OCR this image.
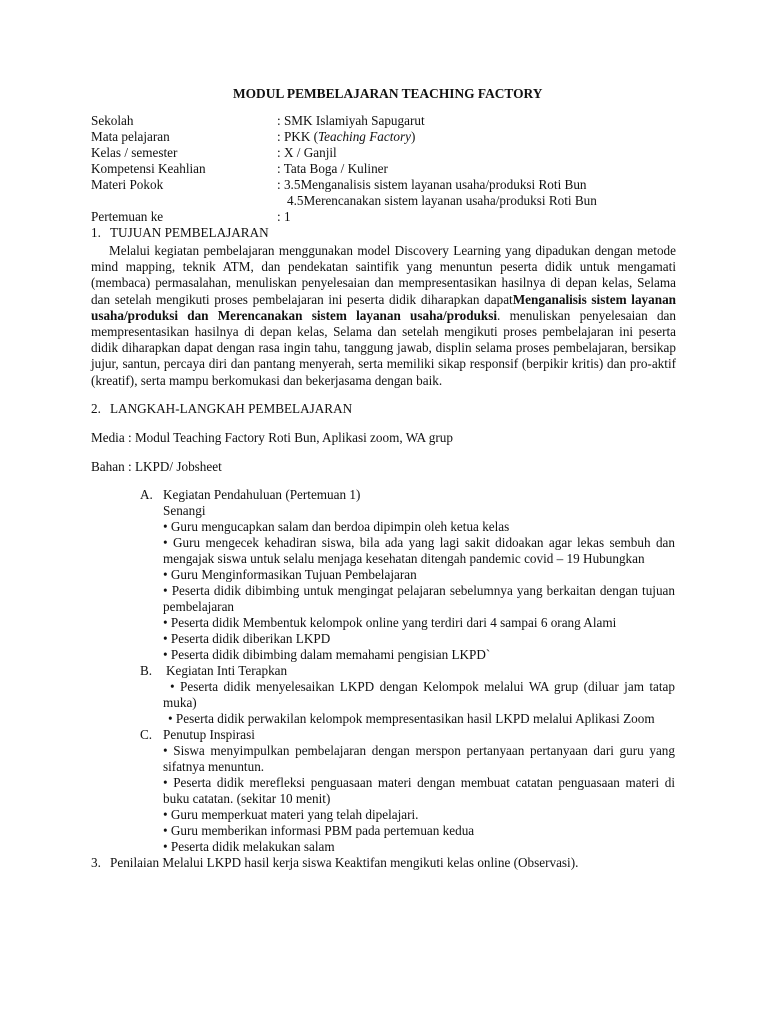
MODUL PEMBELAJARAN TEACHING FACTORY
Sekolah	: SMK Islamiyah Sapugarut
Mata pelajaran	: PKK (Teaching Factory)
Kelas / semester	: X / Ganjil
Kompetensi Keahlian	: Tata Boga / Kuliner
Materi Pokok	: 3.5Menganalisis sistem layanan usaha/produksi Roti Bun
4.5Merencanakan sistem layanan usaha/produksi Roti Bun
Pertemuan ke	: 1
1. TUJUAN PEMBELAJARAN
Melalui kegiatan pembelajaran menggunakan model Discovery Learning yang dipadukan dengan metode mind mapping, teknik ATM, dan pendekatan saintifik yang menuntun peserta didik untuk mengamati (membaca) permasalahan, menuliskan penyelesaian dan mempresentasikan hasilnya di depan kelas, Selama dan setelah mengikuti proses pembelajaran ini peserta didik diharapkan dapatMenganalisis sistem layanan usaha/produksi dan Merencanakan sistem layanan usaha/produksi. menuliskan penyelesaian dan mempresentasikan hasilnya di depan kelas, Selama dan setelah mengikuti proses pembelajaran ini peserta didik diharapkan dapat dengan rasa ingin tahu, tanggung jawab, displin selama proses pembelajaran, bersikap jujur, santun, percaya diri dan pantang menyerah, serta memiliki sikap responsif (berpikir kritis) dan pro-aktif (kreatif), serta mampu berkomukasi dan bekerjasama dengan baik.
2. LANGKAH-LANGKAH PEMBELAJARAN
Media : Modul Teaching Factory Roti Bun, Aplikasi zoom, WA grup
Bahan : LKPD/ Jobsheet
A. Kegiatan Pendahuluan (Pertemuan 1)
Senangi
• Guru mengucapkan salam dan berdoa dipimpin oleh ketua kelas
• Guru mengecek kehadiran siswa, bila ada yang lagi sakit didoakan agar lekas sembuh dan mengajak siswa untuk selalu menjaga kesehatan ditengah pandemic covid – 19 Hubungkan
• Guru Menginformasikan Tujuan Pembelajaran
• Peserta didik dibimbing untuk mengingat pelajaran sebelumnya yang berkaitan dengan tujuan pembelajaran
• Peserta didik Membentuk kelompok online yang terdiri dari 4 sampai 6 orang Alami
• Peserta didik diberikan LKPD
• Peserta didik dibimbing dalam memahami pengisian LKPD`
B. Kegiatan Inti Terapkan
• Peserta didik menyelesaikan LKPD dengan Kelompok melalui WA grup (diluar jam tatap muka)
• Peserta didik perwakilan kelompok mempresentasikan hasil LKPD melalui Aplikasi Zoom
C. Penutup Inspirasi
• Siswa menyimpulkan pembelajaran dengan merspon pertanyaan pertanyaan dari guru yang sifatnya menuntun.
• Peserta didik merefleksi penguasaan materi dengan membuat catatan penguasaan materi di buku catatan. (sekitar 10 menit)
• Guru memperkuat materi yang telah dipelajari.
• Guru memberikan informasi PBM pada pertemuan kedua
• Peserta didik melakukan salam
3. Penilaian Melalui LKPD hasil kerja siswa Keaktifan mengikuti kelas online (Observasi).
